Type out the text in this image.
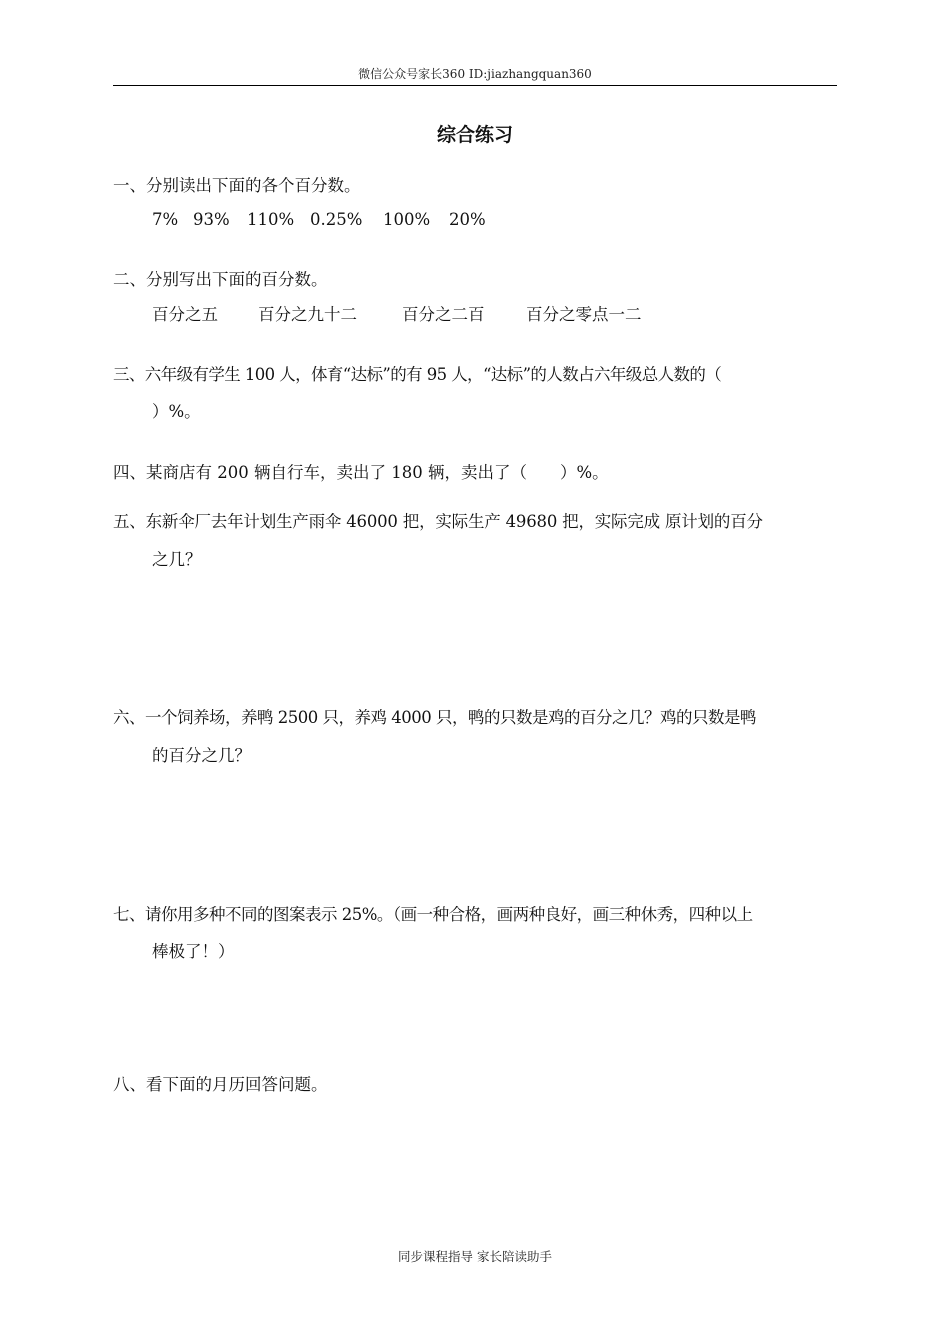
微信公众号家长360 ID:jiazhangquan360
综合练习
一、分别读出下面的各个百分数。
7% 93%	110% 0.25%	100%	20%
二、分别写出下面的百分数。
百分之五	百分之九十二	百分之二百	百分之零点一二
三、六年级有学生 100 人，体育“达标”的有 95 人，“达标”的人数占六年级总人数的（
）%。
四、某商店有 200 辆自行车，卖出了 180 辆，卖出了（　　）%。
五、东新伞厂去年计划生产雨伞 46000 把，实际生产 49680 把，实际完成 原计划的百分
之几？
六、一个饲养场，养鸭 2500 只，养鸡 4000 只，鸭的只数是鸡的百分之几？鸡的只数是鸭
的百分之几？
七、请你用多种不同的图案表示 25%。（画一种合格，画两种良好，画三种休秀，四种以上
棒极了！）
八、看下面的月历回答问题。
同步课程指导 家长陪读助手
